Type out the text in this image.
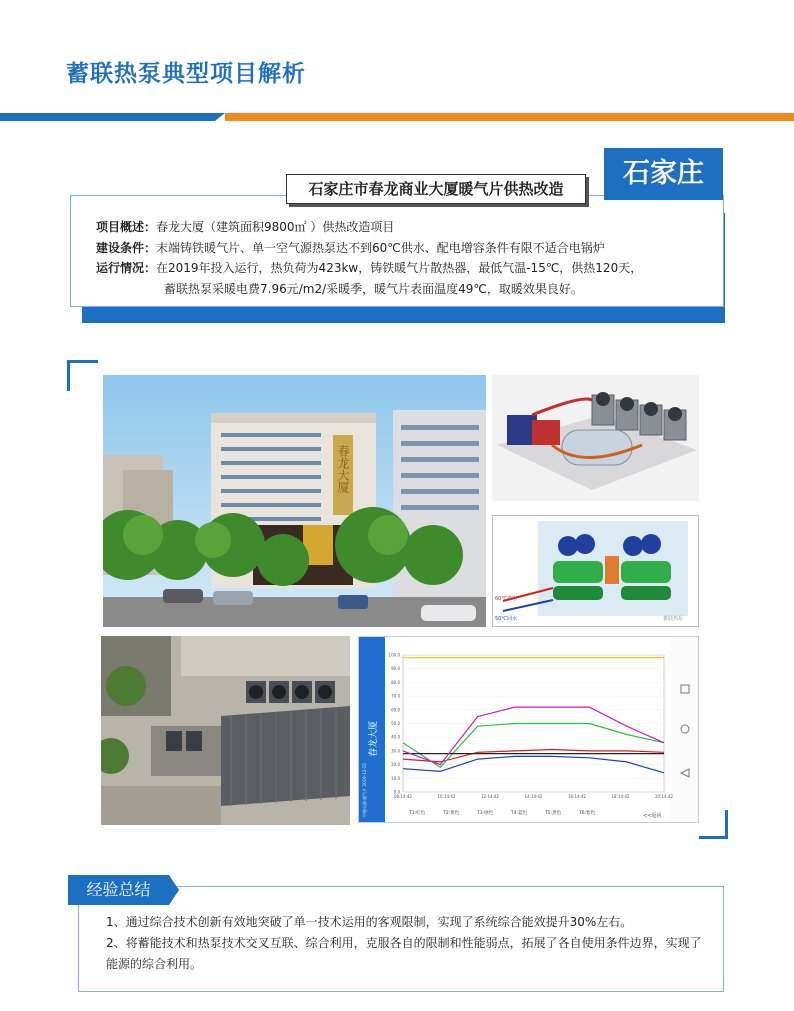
蓄联热泵典型项目解析
石家庄
石家庄市春龙商业大厦暖气片供热改造
项目概述：春龙大厦（建筑面积9800㎡ ）供热改造项目
建设条件：末端铸铁暖气片、单一空气源热泵达不到60℃供水、配电增容条件有限不适合电锅炉
运行情况：在2019年投入运行，热负荷为423kw，铸铁暖气片散热器，最低气温-15℃，供热120天，
蓄联热泵采暖电费7.96元/m2/采暖季，暖气片表面温度49℃，取暖效果良好。
春龙大厦
60℃供水
50℃回水	蓄联热泵
春龙大厦
中地电源·暖气片 2019-12-15	<<返回
100.0
90.0
80.0
70.0
60.0
50.0
40.0
30.0
20.0
10.0
0.0
08:14:42	10:14:42	12:14:42	14:14:42	16:14:42	18:14:42	20:14:42
T1:红色	T2:黄色	T3:绿色	T4:蓝色	T5:黑色	T6:紫色
经验总结

1、通过综合技术创新有效地突破了单一技术运用的客观限制，实现了系统综合能效提升30%左右。

2、将蓄能技术和热泵技术交叉互联、综合利用，克服各自的限制和性能弱点，拓展了各自使用条件边界，实现了能源的综合利用。
